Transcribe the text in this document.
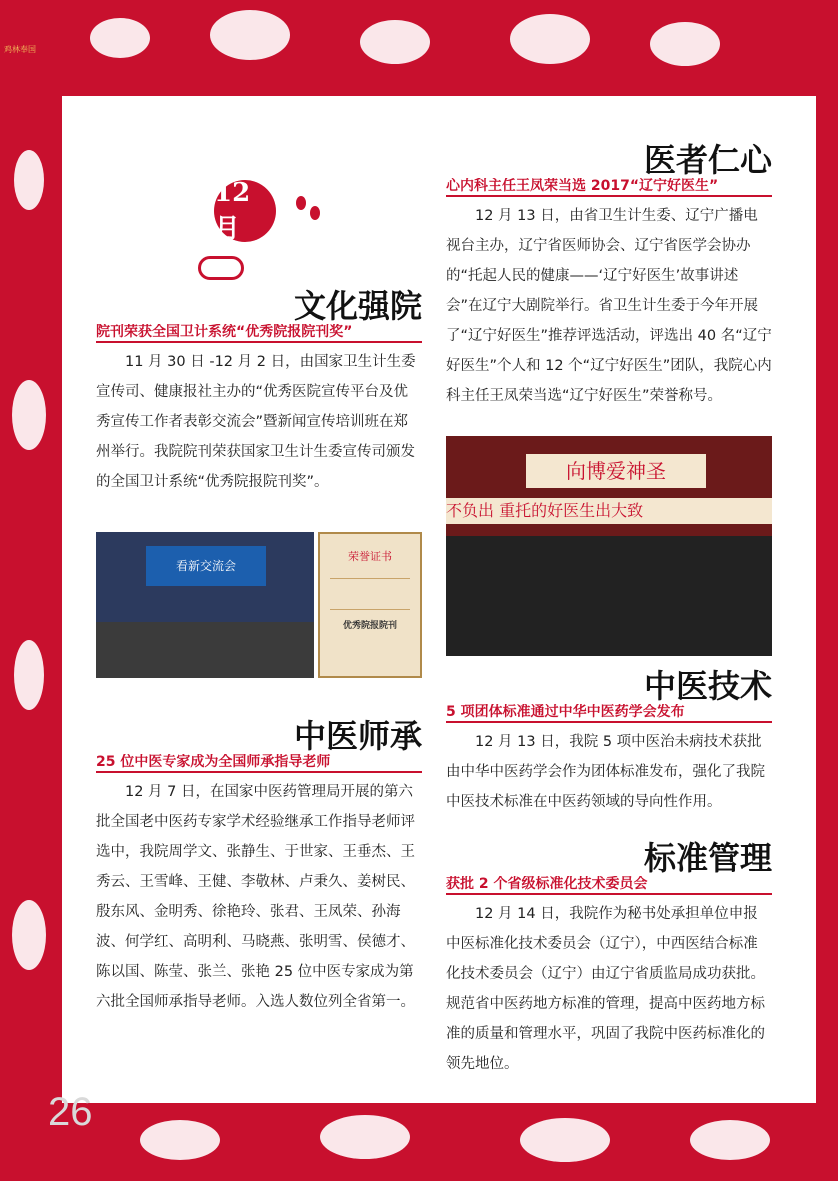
鸡林奉国
12月
文化强院
院刊荣获全国卫计系统“优秀院报院刊奖”

11 月 30 日 -12 月 2 日，由国家卫生计生委宣传司、健康报社主办的“优秀医院宣传平台及优秀宣传工作者表彰交流会”暨新闻宣传培训班在郑州举行。我院院刊荣获国家卫生计生委宣传司颁发的全国卫计系统“优秀院报院刊奖”。

看新交流会
荣誉证书
优秀院报院刊
中医师承
25 位中医专家成为全国师承指导老师

12 月 7 日，在国家中医药管理局开展的第六批全国老中医药专家学术经验继承工作指导老师评选中，我院周学文、张静生、于世家、王垂杰、王秀云、王雪峰、王健、李敬林、卢秉久、姜树民、殷东风、金明秀、徐艳玲、张君、王凤荣、孙海波、何学红、高明利、马晓燕、张明雪、侯德才、陈以国、陈莹、张兰、张艳 25 位中医专家成为第六批全国师承指导老师。入选人数位列全省第一。

医者仁心
心内科主任王凤荣当选 2017“辽宁好医生”

12 月 13 日，由省卫生计生委、辽宁广播电视台主办，辽宁省医师协会、辽宁省医学会协办的“托起人民的健康——‘辽宁好医生’故事讲述会”在辽宁大剧院举行。省卫生计生委于今年开展了“辽宁好医生”推荐评选活动，评选出 40 名“辽宁好医生”个人和 12 个“辽宁好医生”团队，我院心内科主任王凤荣当选“辽宁好医生”荣誉称号。

向博爱神圣
不负出 重托的好医生出大致
中医技术
5 项团体标准通过中华中医药学会发布

12 月 13 日，我院 5 项中医治未病技术获批由中华中医药学会作为团体标准发布，强化了我院中医技术标准在中医药领域的导向性作用。

标准管理
获批 2 个省级标准化技术委员会

12 月 14 日，我院作为秘书处承担单位申报中医标准化技术委员会（辽宁），中西医结合标准化技术委员会（辽宁）由辽宁省质监局成功获批。规范省中医药地方标准的管理，提高中医药地方标准的质量和管理水平，巩固了我院中医药标准化的领先地位。

26
